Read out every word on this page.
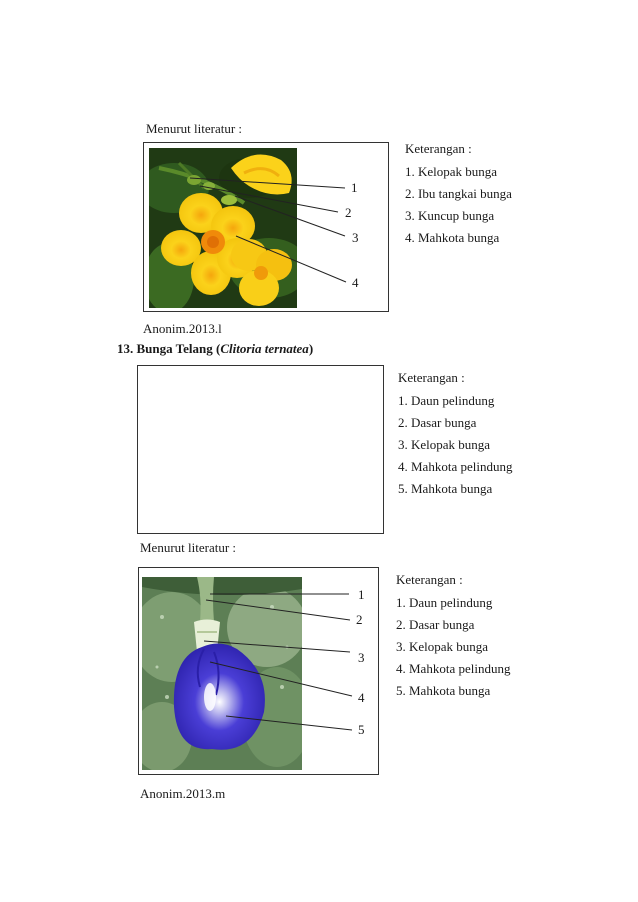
Menurut literatur :
1
2
3
4
Keterangan :
1. Kelopak bunga
2. Ibu tangkai bunga
3. Kuncup bunga
4. Mahkota bunga
Anonim.2013.l
13. Bunga Telang (Clitoria ternatea)
Keterangan :
1. Daun pelindung
2. Dasar bunga
3. Kelopak bunga
4. Mahkota pelindung
5. Mahkota bunga
Menurut literatur :
1
2
3
4
5
Keterangan :
1. Daun pelindung
2. Dasar bunga
3. Kelopak bunga
4. Mahkota pelindung
5. Mahkota bunga
Anonim.2013.m
